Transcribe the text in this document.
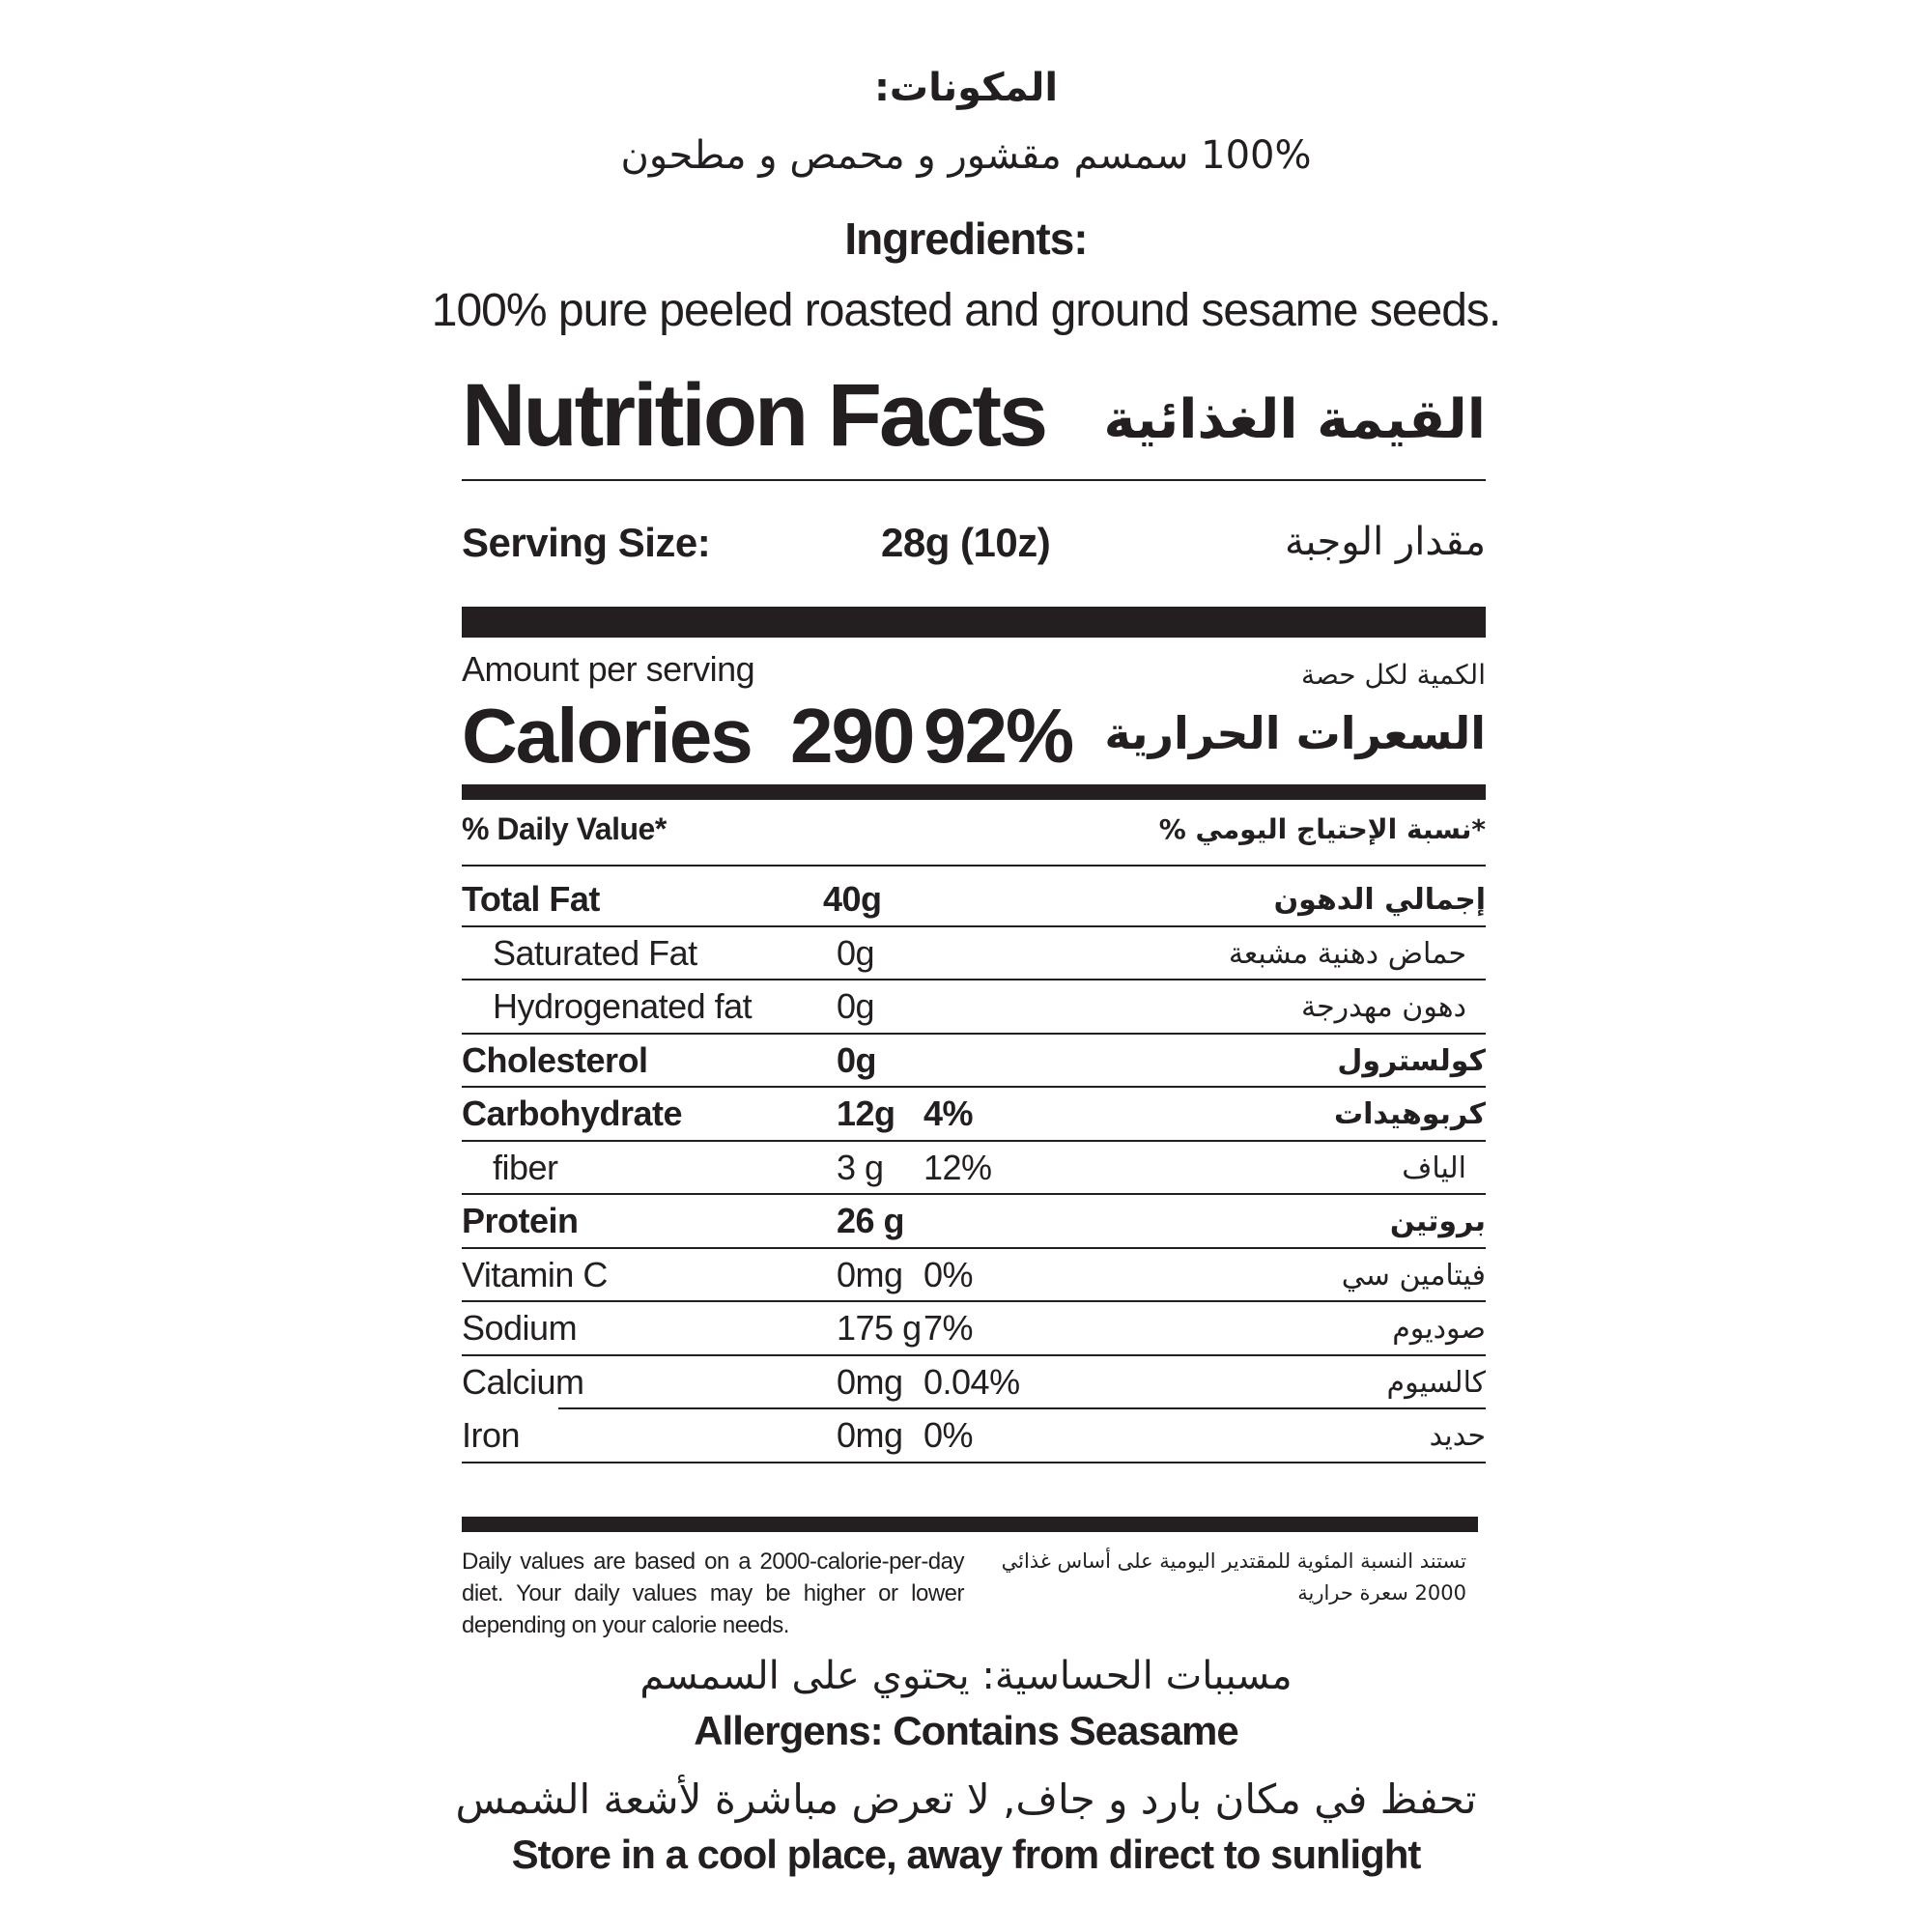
المكونات:
100% سمسم مقشور و محمص و مطحون
Ingredients:
100% pure peeled roasted and ground sesame seeds.
Nutrition Facts القيمة الغذائية
Serving Size:	28g (10z)	مقدار الوجبة
Amount per serving	الكمية لكل حصة
Calories 290 92% السعرات الحرارية
% Daily Value*	*نسبة الإحتياج اليومي %
Total Fat	40g	إجمالي الدهون
Saturated Fat	0g	حماض دهنية مشبعة
Hydrogenated fat 0g	دهون مهدرجة
Cholesterol	0g	كولسترول
Carbohydrate	12g 4%	كربوهيدات
fiber	3 g 12%	الياف
Protein	26 g	بروتين
Vitamin C	0mg 0%	فيتامين سي
Sodium	175 g 7%	صوديوم
Calcium	0mg 0.04%	كالسيوم
Iron	0mg 0%	حديد
Daily values are based on a 2000-calorie-per-day diet. Your daily values may be higher or lower depending on your calorie needs.
تستند النسبة المئوية للمقتدير اليومية على أساس غذائي 2000 سعرة حرارية
مسببات الحساسية: يحتوي على السمسم
Allergens: Contains Seasame
تحفظ في مكان بارد و جاف, لا تعرض مباشرة لأشعة الشمس
Store in a cool place, away from direct to sunlight
